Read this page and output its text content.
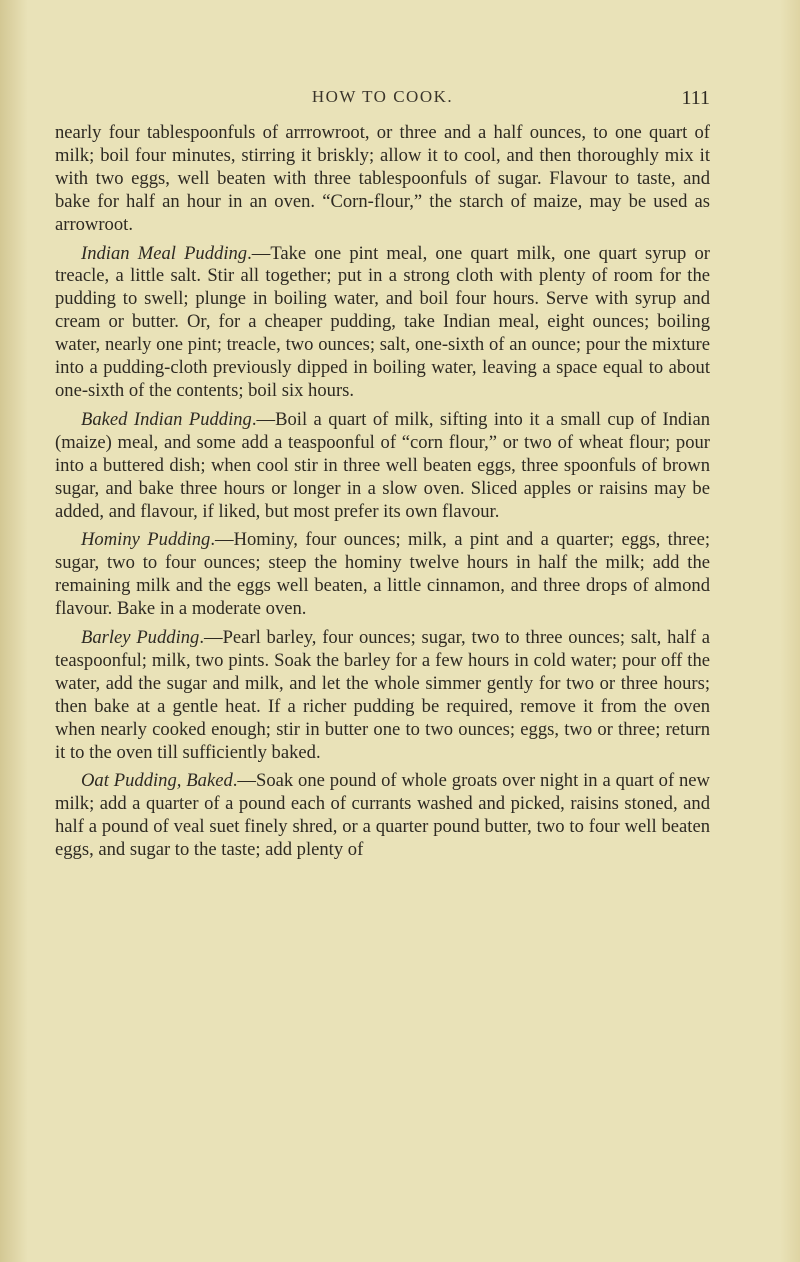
HOW TO COOK.	111

nearly four tablespoonfuls of arrrowroot, or three and a half ounces, to one quart of milk; boil four minutes, stirring it briskly; allow it to cool, and then thoroughly mix it with two eggs, well beaten with three tablespoonfuls of sugar. Flavour to taste, and bake for half an hour in an oven. “Corn-flour,” the starch of maize, may be used as arrowroot.

Indian Meal Pudding.—Take one pint meal, one quart milk, one quart syrup or treacle, a little salt. Stir all together; put in a strong cloth with plenty of room for the pudding to swell; plunge in boiling water, and boil four hours. Serve with syrup and cream or butter. Or, for a cheaper pudding, take Indian meal, eight ounces; boiling water, nearly one pint; treacle, two ounces; salt, one-sixth of an ounce; pour the mixture into a pudding-cloth previously dipped in boiling water, leaving a space equal to about one-sixth of the contents; boil six hours.

Baked Indian Pudding.—Boil a quart of milk, sifting into it a small cup of Indian (maize) meal, and some add a teaspoonful of “corn flour,” or two of wheat flour; pour into a buttered dish; when cool stir in three well beaten eggs, three spoonfuls of brown sugar, and bake three hours or longer in a slow oven. Sliced apples or raisins may be added, and flavour, if liked, but most prefer its own flavour.

Hominy Pudding.—Hominy, four ounces; milk, a pint and a quarter; eggs, three; sugar, two to four ounces; steep the hominy twelve hours in half the milk; add the remaining milk and the eggs well beaten, a little cinnamon, and three drops of almond flavour. Bake in a moderate oven.

Barley Pudding.—Pearl barley, four ounces; sugar, two to three ounces; salt, half a teaspoonful; milk, two pints. Soak the barley for a few hours in cold water; pour off the water, add the sugar and milk, and let the whole simmer gently for two or three hours; then bake at a gentle heat. If a richer pudding be required, remove it from the oven when nearly cooked enough; stir in butter one to two ounces; eggs, two or three; return it to the oven till sufficiently baked.

Oat Pudding, Baked.—Soak one pound of whole groats over night in a quart of new milk; add a quarter of a pound each of currants washed and picked, raisins stoned, and half a pound of veal suet finely shred, or a quarter pound butter, two to four well beaten eggs, and sugar to the taste; add plenty of
